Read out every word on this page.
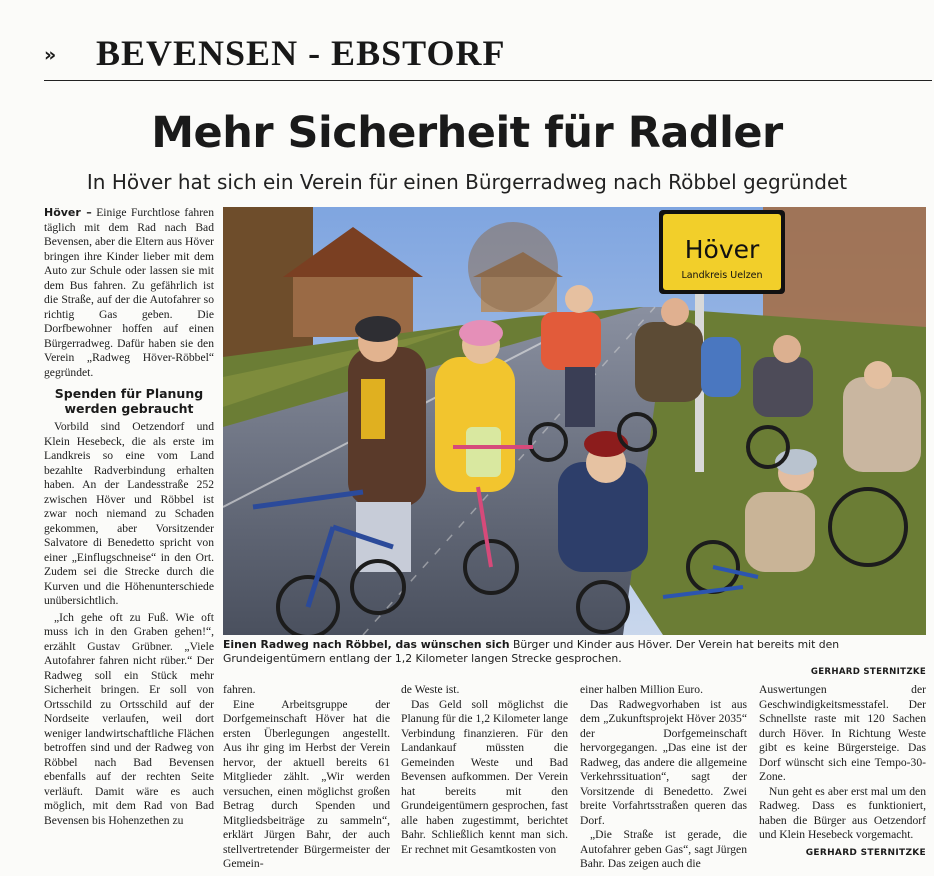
» BEVENSEN - EBSTORF
Mehr Sicherheit für Radler
In Höver hat sich ein Verein für einen Bürgerradweg nach Röbbel gegründet

Höver – Einige Furchtlose fahren täglich mit dem Rad nach Bad Bevensen, aber die Eltern aus Höver bringen ihre Kinder lieber mit dem Auto zur Schule oder lassen sie mit dem Bus fahren. Zu gefährlich ist die Straße, auf der die Autofahrer so richtig Gas geben. Die Dorfbewohner hoffen auf einen Bürgerradweg. Dafür haben sie den Verein „Radweg Höver-Röbbel“ gegründet.

Spenden für Planung werden gebraucht

Vorbild sind Oetzendorf und Klein Hesebeck, die als erste im Landkreis so eine vom Land bezahlte Radverbindung erhalten haben. An der Landesstraße 252 zwischen Höver und Röbbel ist zwar noch niemand zu Schaden gekommen, aber Vorsitzender Salvatore di Benedetto spricht von einer „Einflugschneise“ in den Ort. Zudem sei die Strecke durch die Kurven und die Höhenunterschiede unübersichtlich.

„Ich gehe oft zu Fuß. Wie oft muss ich in den Graben gehen!“, erzählt Gustav Grübner. „Viele Autofahrer fahren nicht rüber.“ Der Radweg soll ein Stück mehr Sicherheit bringen. Er soll von Ortsschild zu Ortsschild auf der Nordseite verlaufen, weil dort weniger landwirtschaftliche Flächen betroffen sind und der Radweg von Röbbel nach Bad Bevensen ebenfalls auf der rechten Seite verläuft. Damit wäre es auch möglich, mit dem Rad von Bad Bevensen bis Hohenzethen zu

Höver
Landkreis Uelzen
Einen Radweg nach Röbbel, das wünschen sich Bürger und Kinder aus Höver. Der Verein hat bereits mit den Grundeigentümern entlang der 1,2 Kilometer langen Strecke gesprochen.
GERHARD STERNITZKE

fahren.

Eine Arbeitsgruppe der Dorfgemeinschaft Höver hat die ersten Überlegungen angestellt. Aus ihr ging im Herbst der Verein hervor, der aktuell bereits 61 Mitglieder zählt. „Wir werden versuchen, einen möglichst großen Betrag durch Spenden und Mitgliedsbeiträge zu sammeln“, erklärt Jürgen Bahr, der auch stellvertretender Bürgermeister der Gemein-

de Weste ist.

Das Geld soll möglichst die Planung für die 1,2 Kilometer lange Verbindung finanzieren. Für den Landankauf müssten die Gemeinden Weste und Bad Bevensen aufkommen. Der Verein hat bereits mit den Grundeigentümern gesprochen, fast alle haben zugestimmt, berichtet Bahr. Schließlich kennt man sich. Er rechnet mit Gesamtkosten von

einer halben Million Euro.

Das Radwegvorhaben ist aus dem „Zukunftsprojekt Höver 2035“ der Dorfgemeinschaft hervorgegangen. „Das eine ist der Radweg, das andere die allgemeine Verkehrssituation“, sagt der Vorsitzende di Benedetto. Zwei breite Vorfahrtsstraßen queren das Dorf.

„Die Straße ist gerade, die Autofahrer geben Gas“, sagt Jürgen Bahr. Das zeigen auch die

Auswertungen der Geschwindigkeitsmesstafel. Der Schnellste raste mit 120 Sachen durch Höver. In Richtung Weste gibt es keine Bürgersteige. Das Dorf wünscht sich eine Tempo-30-Zone.

Nun geht es aber erst mal um den Radweg. Dass es funktioniert, haben die Bürger aus Oetzendorf und Klein Hesebeck vorgemacht.

GERHARD STERNITZKE
